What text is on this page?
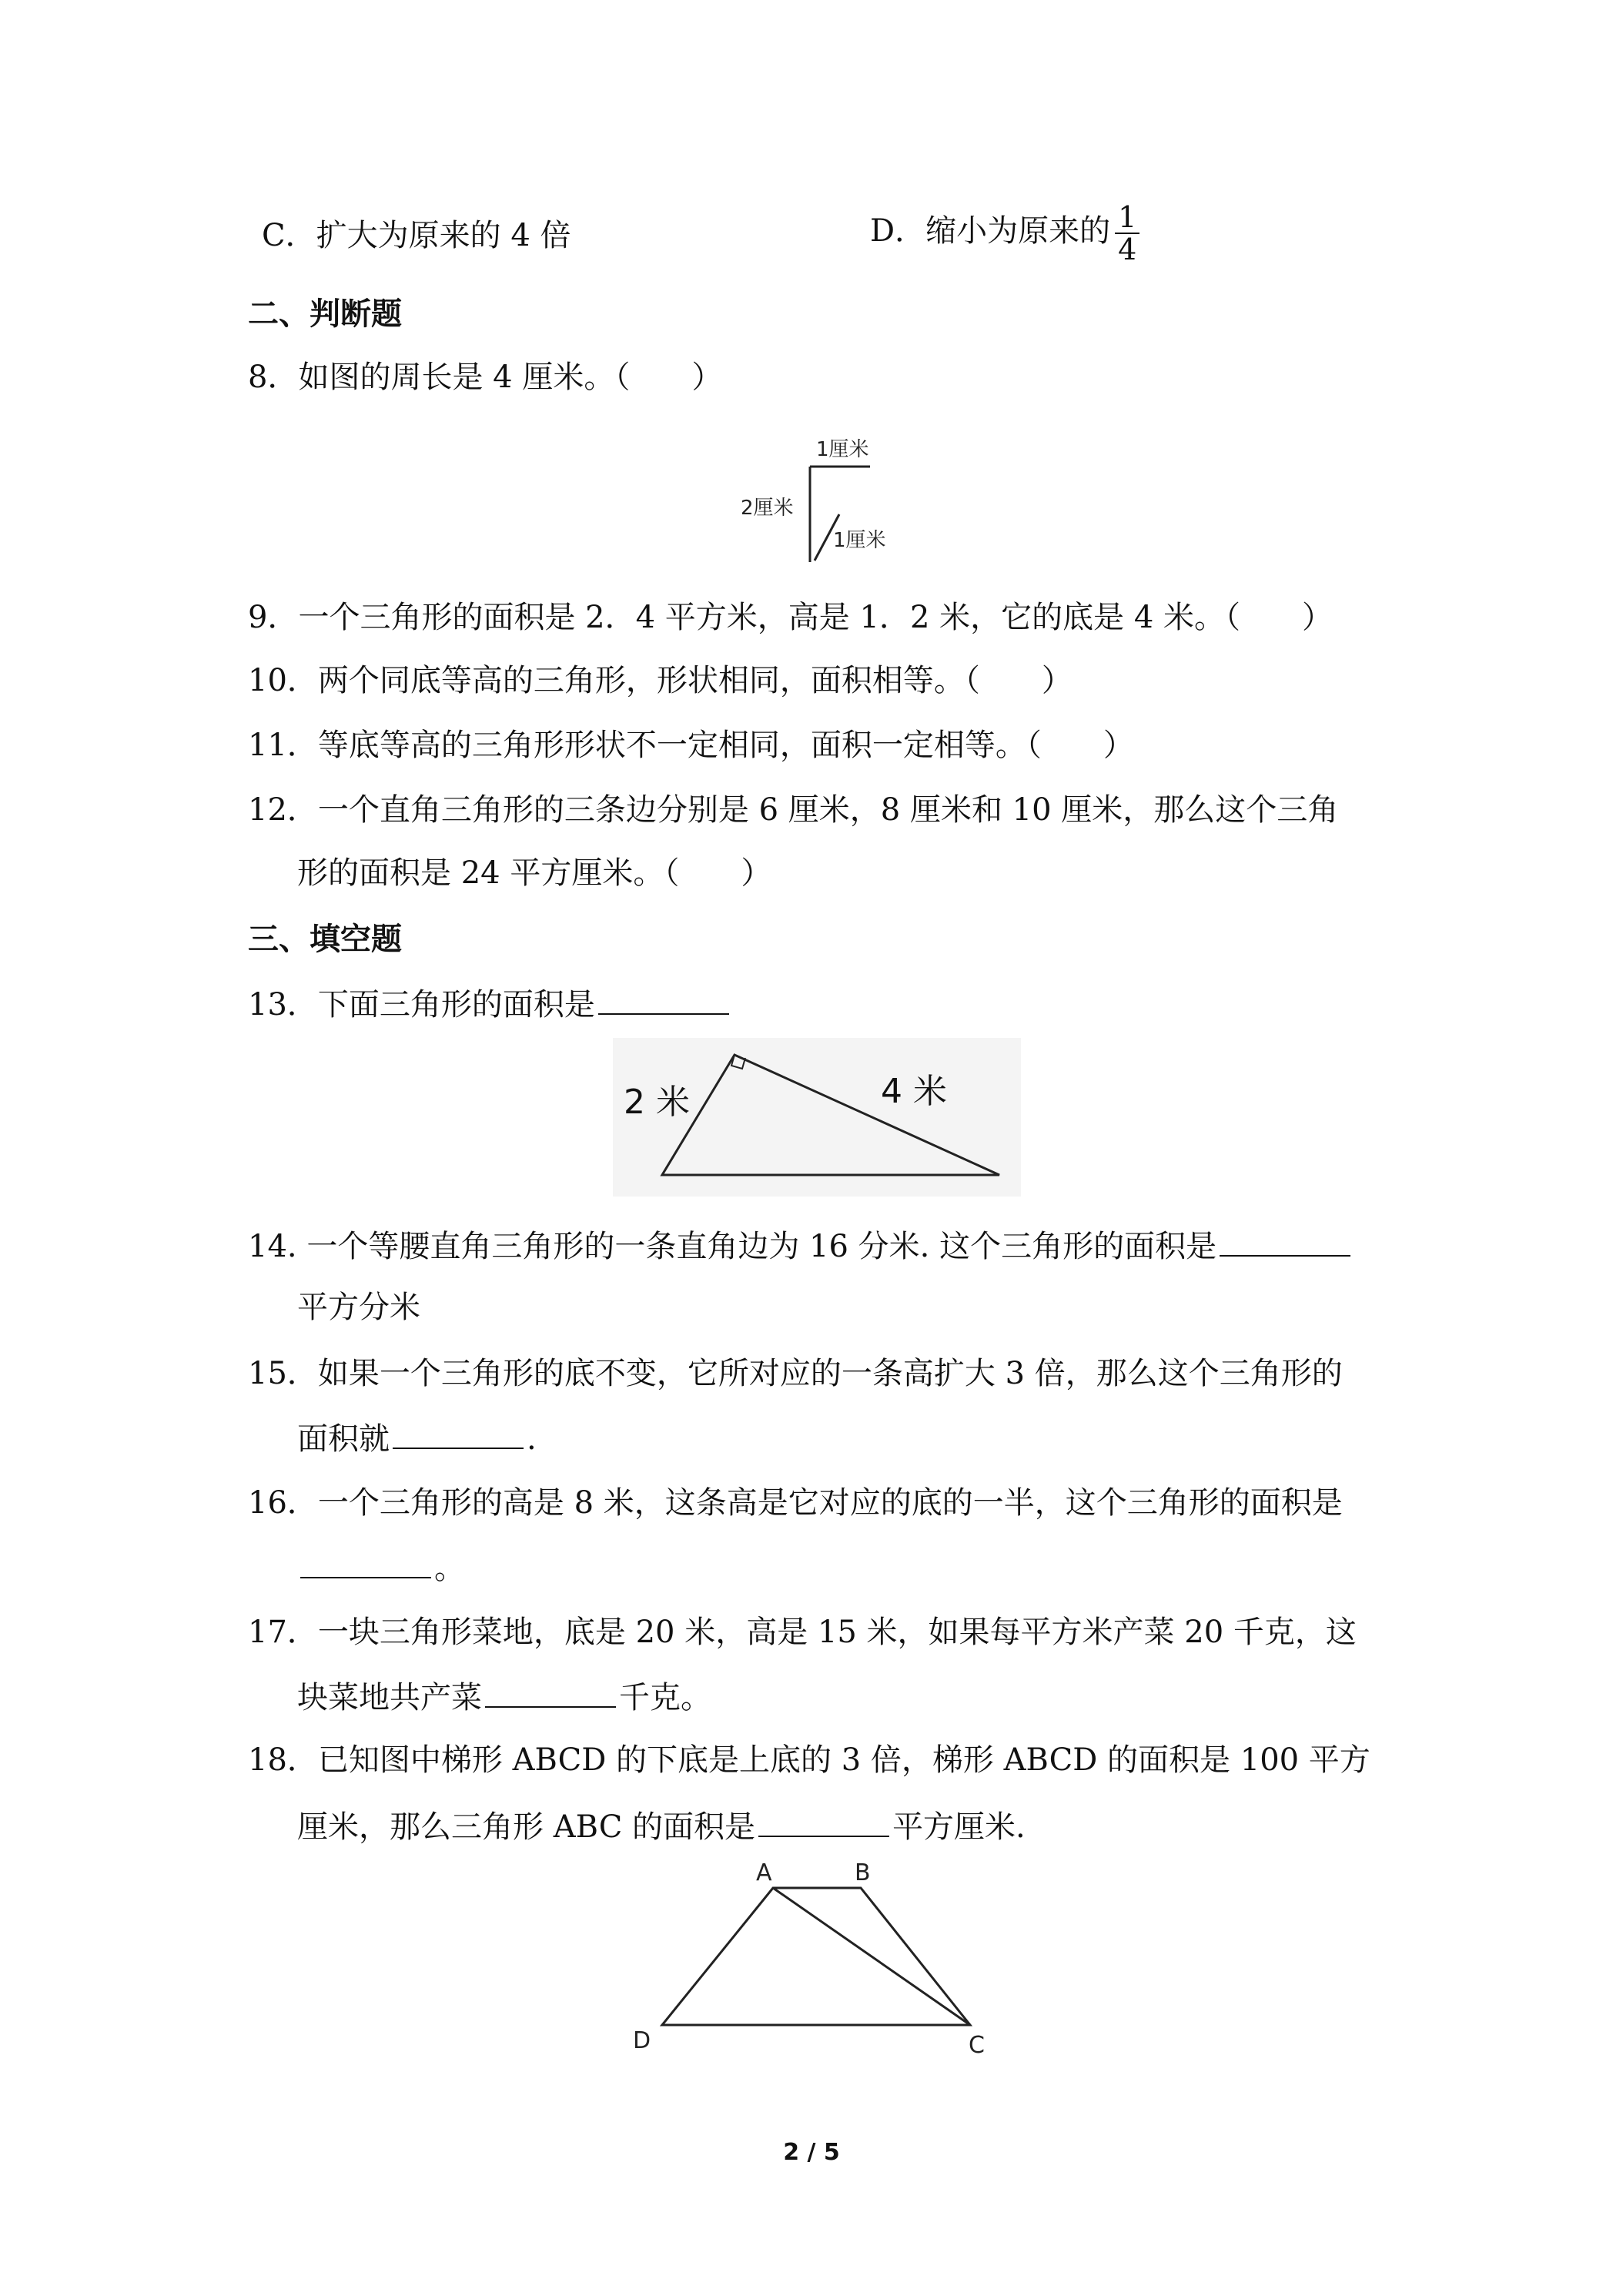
C．扩大为原来的 4 倍	D．缩小为原来的 $\frac{1}{4}$
二、判断题
8．如图的周长是 4 厘米。（　　）
1厘米
2厘米
1厘米
9．一个三角形的面积是 2．4 平方米，高是 1．2 米，它的底是 4 米。（　　）
10．两个同底等高的三角形，形状相同，面积相等。（　　）
11．等底等高的三角形形状不一定相同，面积一定相等。（　　）
12．一个直角三角形的三条边分别是 6 厘米，8 厘米和 10 厘米，那么这个三角
形的面积是 24 平方厘米。（　　）
三、填空题
13．下面三角形的面积是
2 米	4 米
14. 一个等腰直角三角形的一条直角边为 16 分米. 这个三角形的面积是
平方分米
15．如果一个三角形的底不变，它所对应的一条高扩大 3 倍，那么这个三角形的
面积就	.
16．一个三角形的高是 8 米，这条高是它对应的底的一半，这个三角形的面积是
。
17．一块三角形菜地，底是 20 米，高是 15 米，如果每平方米产菜 20 千克，这
块菜地共产菜	千克。
18．已知图中梯形 ABCD 的下底是上底的 3 倍，梯形 ABCD 的面积是 100 平方
厘米，那么三角形 ABC 的面积是	平方厘米.
A	B
C
D
2 / 5
